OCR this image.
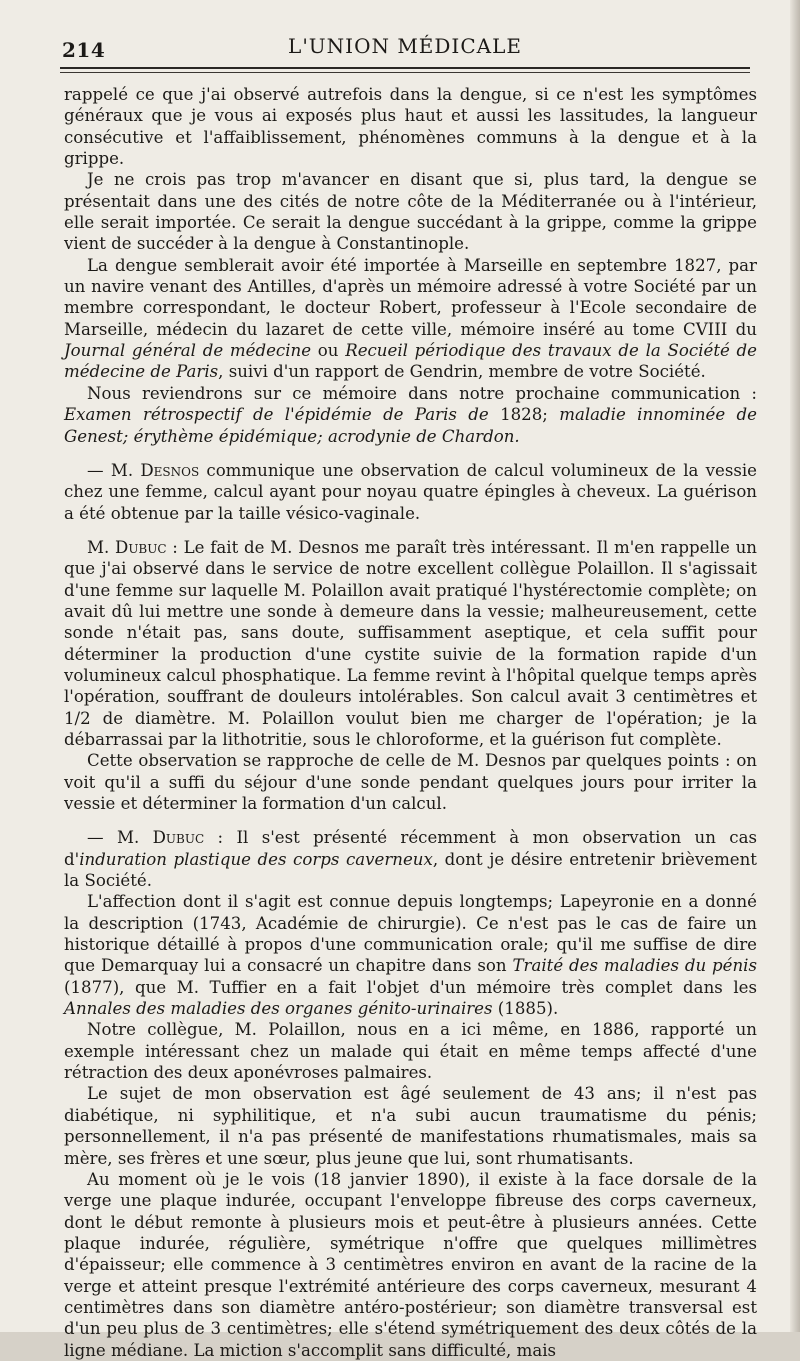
214	L'UNION MÉDICALE

rappelé ce que j'ai observé autrefois dans la dengue, si ce n'est les symptômes généraux que je vous ai exposés plus haut et aussi les lassitudes, la langueur consécutive et l'affaiblissement, phénomènes communs à la dengue et à la grippe.

Je ne crois pas trop m'avancer en disant que si, plus tard, la dengue se présentait dans une des cités de notre côte de la Méditerranée ou à l'intérieur, elle serait importée. Ce serait la dengue succédant à la grippe, comme la grippe vient de succéder à la dengue à Constantinople.

La dengue semblerait avoir été importée à Marseille en septembre 1827, par un navire venant des Antilles, d'après un mémoire adressé à votre Société par un membre correspondant, le docteur Robert, professeur à l'Ecole secondaire de Marseille, médecin du lazaret de cette ville, mémoire inséré au tome CVIII du Journal général de médecine ou Recueil périodique des travaux de la Société de médecine de Paris, suivi d'un rapport de Gendrin, membre de votre Société.

Nous reviendrons sur ce mémoire dans notre prochaine communication : Examen rétrospectif de l'épidémie de Paris de 1828; maladie innominée de Genest; érythème épidémique; acrodynie de Chardon.

— M. Desnos communique une observation de calcul volumineux de la vessie chez une femme, calcul ayant pour noyau quatre épingles à cheveux. La guérison a été obtenue par la taille vésico-vaginale.

M. Dubuc : Le fait de M. Desnos me paraît très intéressant. Il m'en rappelle un que j'ai observé dans le service de notre excellent collègue Polaillon. Il s'agissait d'une femme sur laquelle M. Polaillon avait pratiqué l'hystérectomie complète; on avait dû lui mettre une sonde à demeure dans la vessie; malheureusement, cette sonde n'était pas, sans doute, suffisamment aseptique, et cela suffit pour déterminer la production d'une cystite suivie de la formation rapide d'un volumineux calcul phosphatique. La femme revint à l'hôpital quelque temps après l'opération, souffrant de douleurs intolérables. Son calcul avait 3 centimètres et 1/2 de diamètre. M. Polaillon voulut bien me charger de l'opération; je la débarrassai par la lithotritie, sous le chloroforme, et la guérison fut complète.

Cette observation se rapproche de celle de M. Desnos par quelques points : on voit qu'il a suffi du séjour d'une sonde pendant quelques jours pour irriter la vessie et déterminer la formation d'un calcul.

— M. Dubuc : Il s'est présenté récemment à mon observation un cas d'induration plastique des corps caverneux, dont je désire entretenir brièvement la Société.

L'affection dont il s'agit est connue depuis longtemps; Lapeyronie en a donné la description (1743, Académie de chirurgie). Ce n'est pas le cas de faire un historique détaillé à propos d'une communication orale; qu'il me suffise de dire que Demarquay lui a consacré un chapitre dans son Traité des maladies du pénis (1877), que M. Tuffier en a fait l'objet d'un mémoire très complet dans les Annales des maladies des organes génito-urinaires (1885).

Notre collègue, M. Polaillon, nous en a ici même, en 1886, rapporté un exemple intéressant chez un malade qui était en même temps affecté d'une rétraction des deux aponévroses palmaires.

Le sujet de mon observation est âgé seulement de 43 ans; il n'est pas diabétique, ni syphilitique, et n'a subi aucun traumatisme du pénis; personnellement, il n'a pas présenté de manifestations rhumatismales, mais sa mère, ses frères et une sœur, plus jeune que lui, sont rhumatisants.

Au moment où je le vois (18 janvier 1890), il existe à la face dorsale de la verge une plaque indurée, occupant l'enveloppe fibreuse des corps caverneux, dont le début remonte à plusieurs mois et peut-être à plusieurs années. Cette plaque indurée, régulière, symétrique n'offre que quelques millimètres d'épaisseur; elle commence à 3 centimètres environ en avant de la racine de la verge et atteint presque l'extrémité antérieure des corps caverneux, mesurant 4 centimètres dans son diamètre antéro-postérieur; son diamètre transversal est d'un peu plus de 3 centimètres; elle s'étend symétriquement des deux côtés de la ligne médiane. La miction s'accomplit sans difficulté, mais
